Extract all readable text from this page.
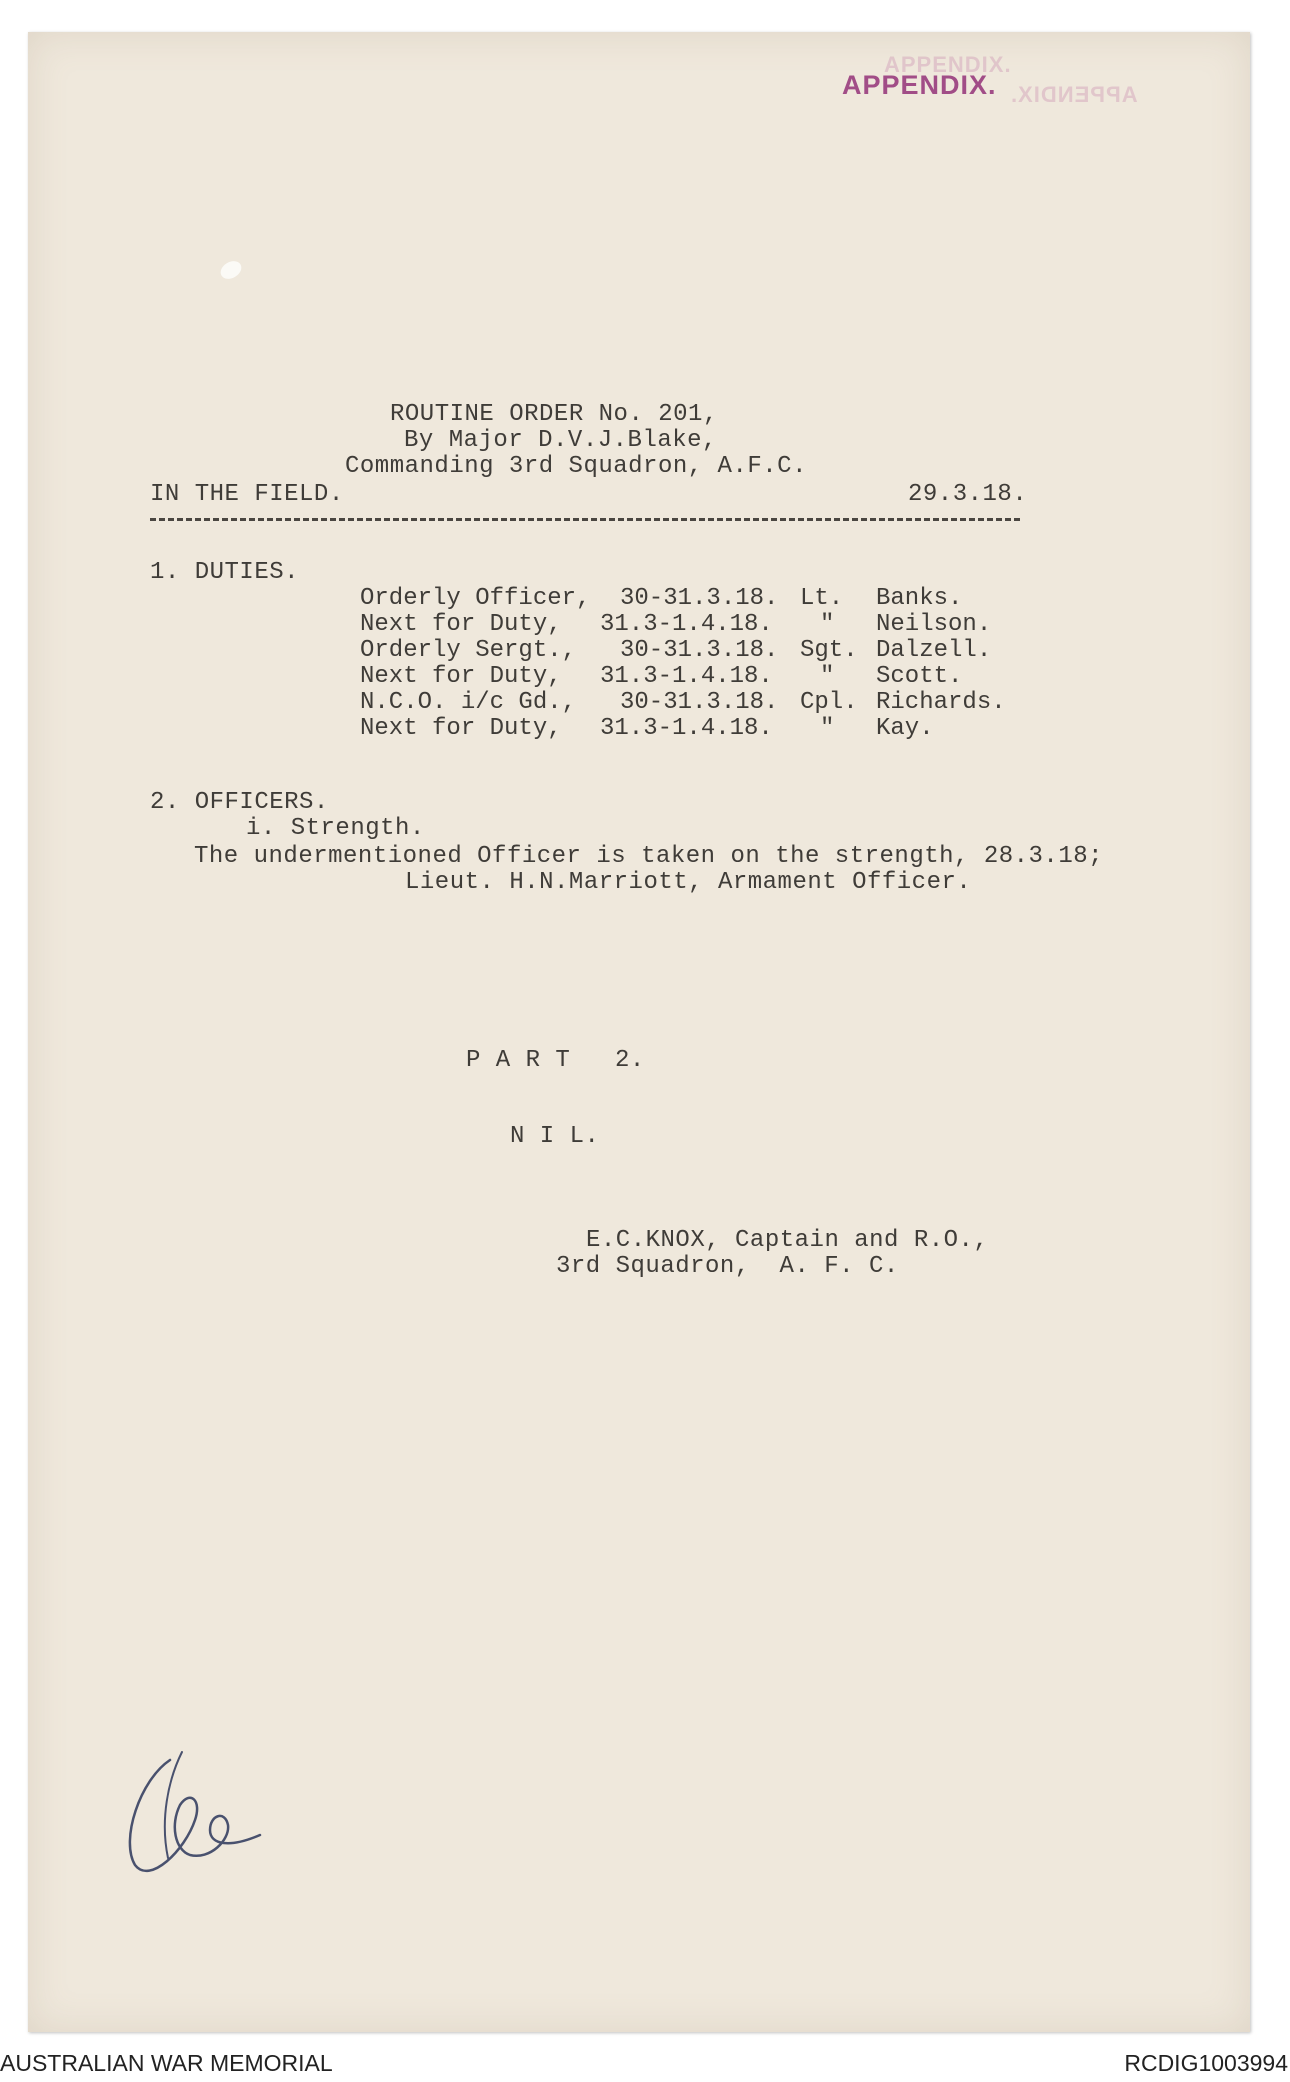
APPENDIX.
APPENDIX.
APPENDIX.
ROUTINE ORDER No. 201,
By Major D.V.J.Blake,
Commanding 3rd Squadron, A.F.C.
IN THE FIELD.	29.3.18.
1. DUTIES.
Orderly Officer, 30-31.3.18. Lt. Banks.
Next for Duty, 31.3-1.4.18. " Neilson.
Orderly Sergt., 30-31.3.18. Sgt. Dalzell.
Next for Duty, 31.3-1.4.18. " Scott.
N.C.O. i/c Gd., 30-31.3.18. Cpl. Richards.
Next for Duty, 31.3-1.4.18. " Kay.
2. OFFICERS.
i. Strength.
The undermentioned Officer is taken on the strength, 28.3.18;
Lieut. H.N.Marriott, Armament Officer.
P A R T   2.
N I L.
E.C.KNOX, Captain and R.O.,
3rd Squadron,  A. F. C.
AUSTRALIAN WAR MEMORIAL	RCDIG1003994
